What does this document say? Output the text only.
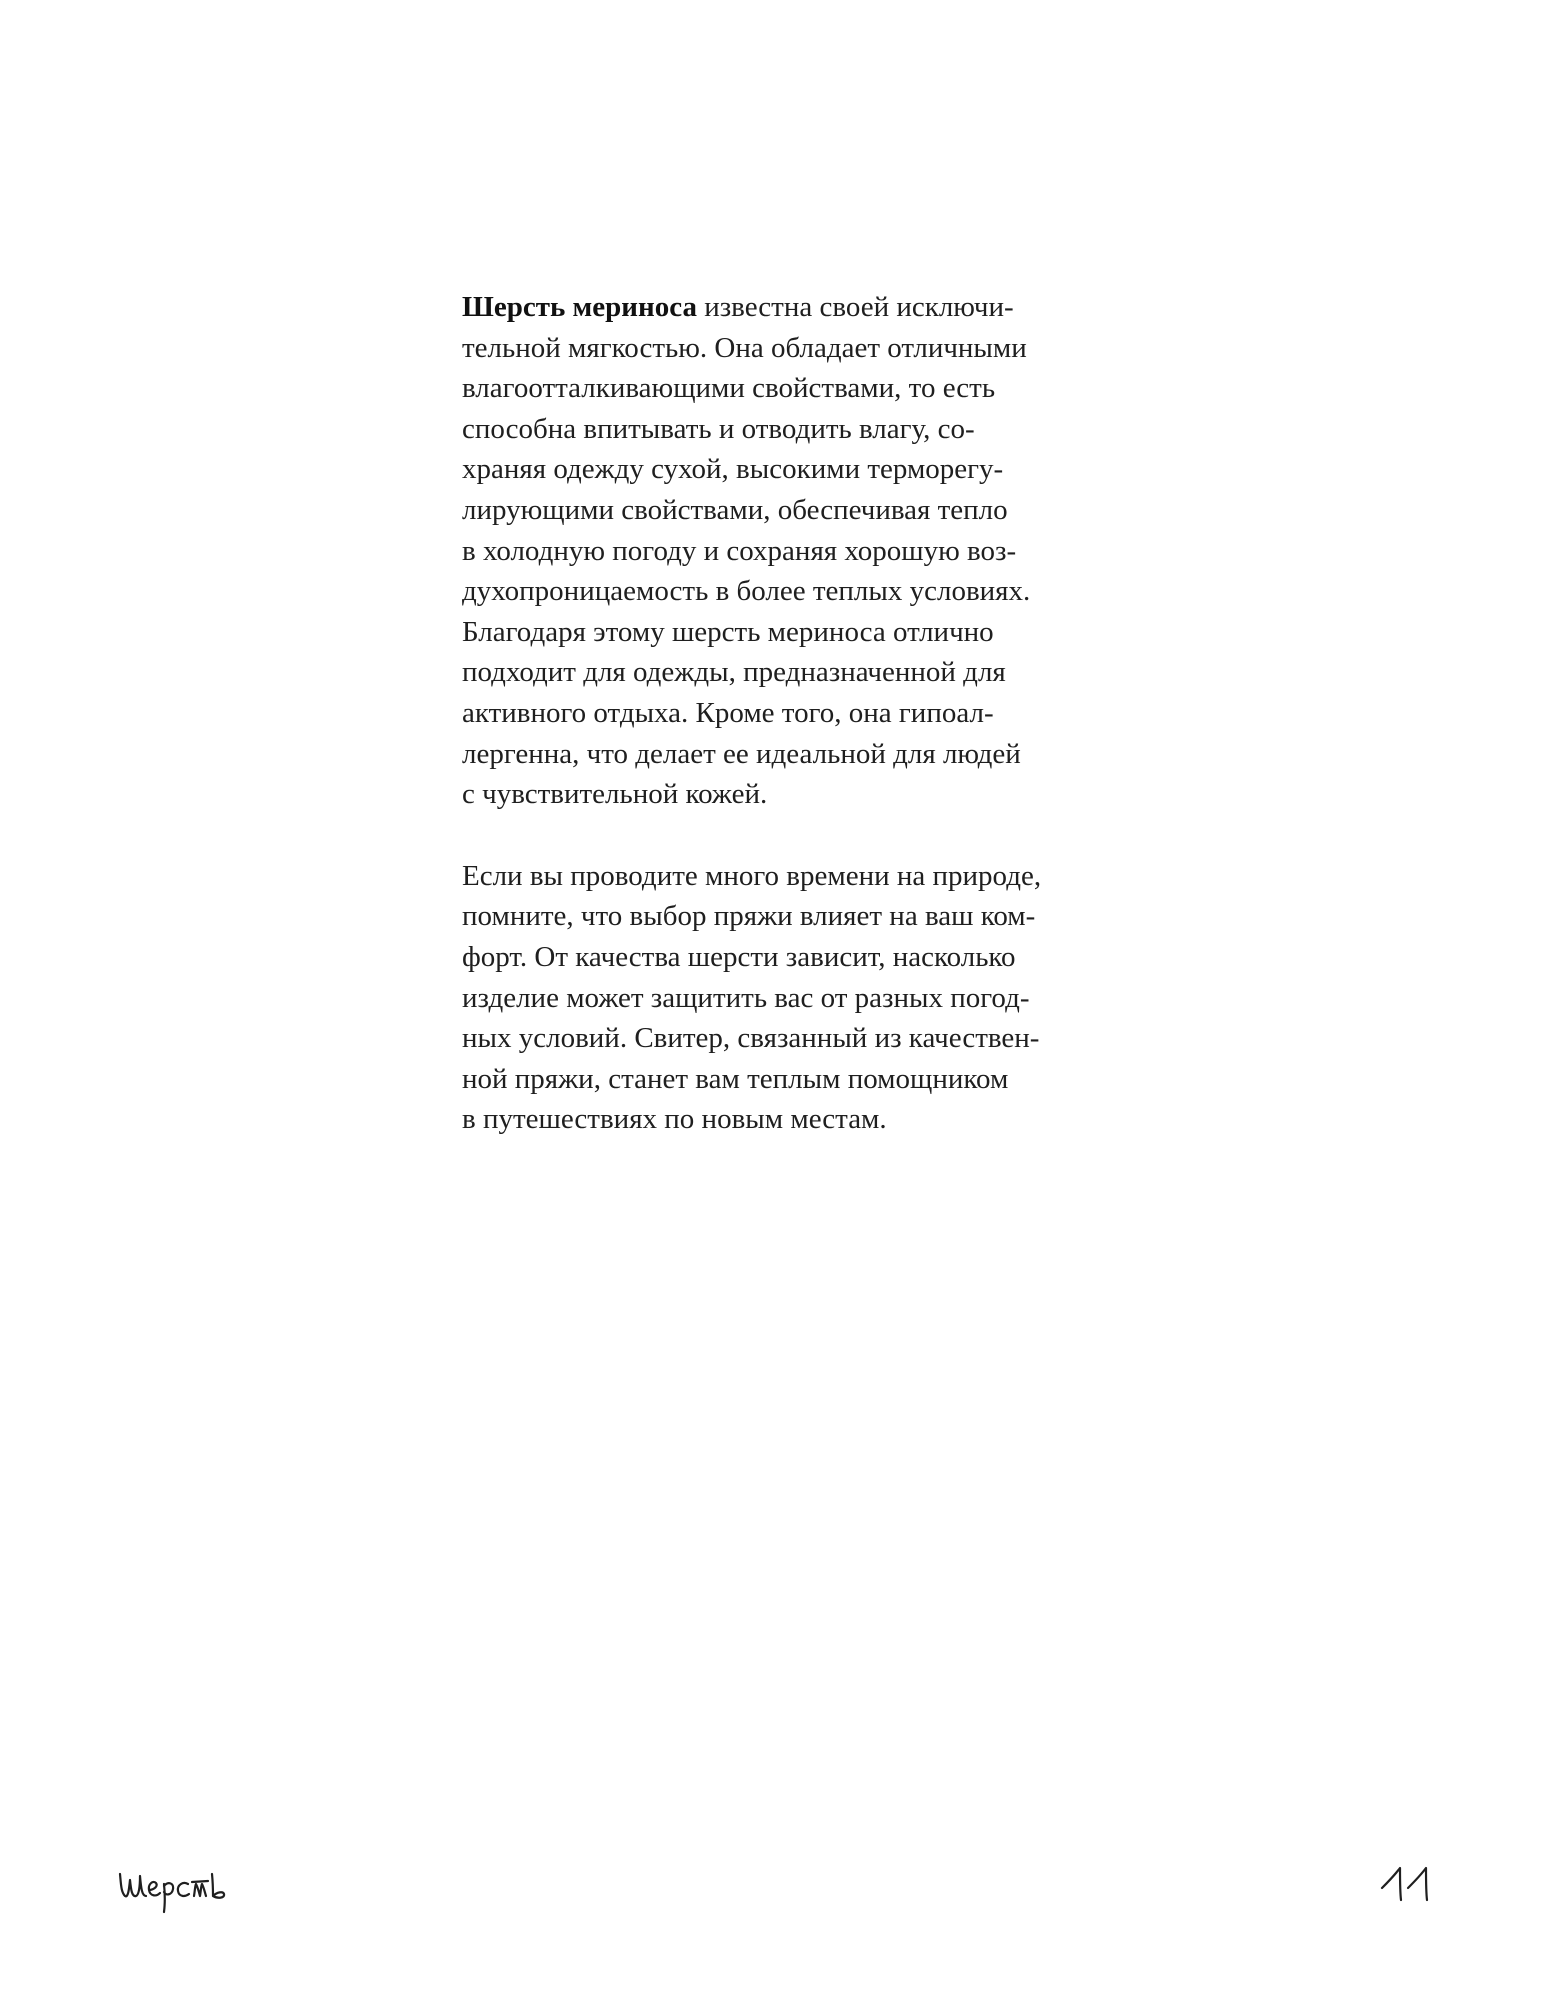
Шерсть мериноса известна своей исключи-
тельной мягкостью. Она обладает отличными
влагоотталкивающими свойствами, то есть
способна впитывать и отводить влагу, со-
храняя одежду сухой, высокими терморегу-
лирующими свойствами, обеспечивая тепло
в холодную погоду и сохраняя хорошую воз-
духопроницаемость в более теплых условиях.
Благодаря этому шерсть мериноса отлично
подходит для одежды, предназначенной для
активного отдыха. Кроме того, она гипоал-
лергенна, что делает ее идеальной для людей
с чувствительной кожей.

Если вы проводите много времени на природе,
помните, что выбор пряжи влияет на ваш ком-
форт. От качества шерсти зависит, насколько
изделие может защитить вас от разных погод-
ных условий. Свитер, связанный из качествен-
ной пряжи, станет вам теплым помощником
в путешествиях по новым местам.
